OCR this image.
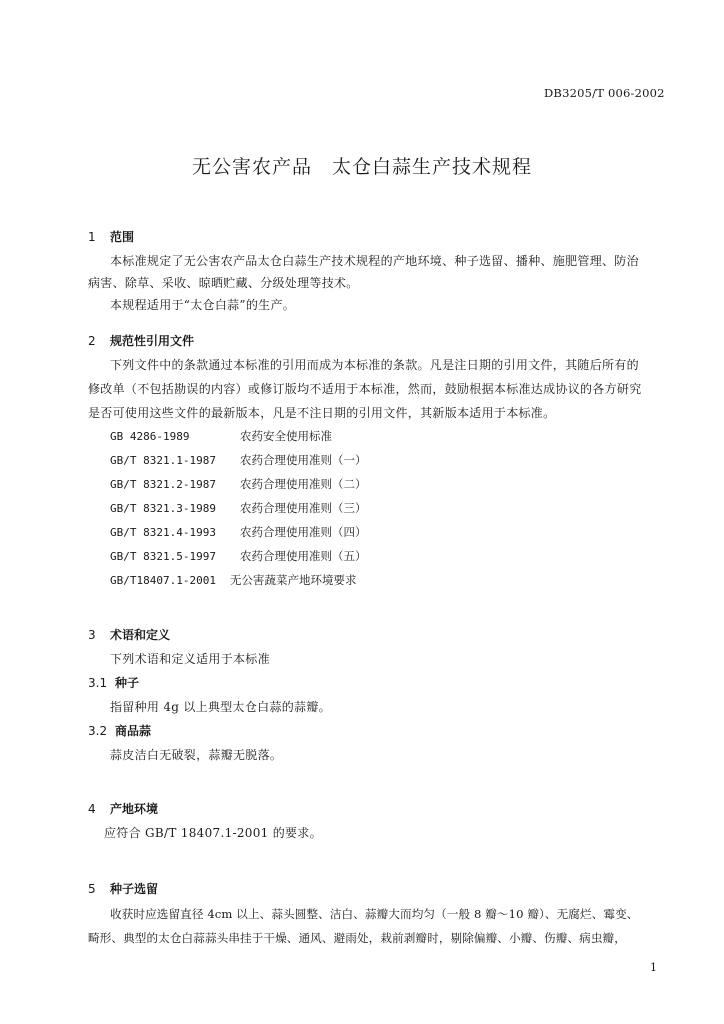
DB3205/T 006-2002
无公害农产品 太仓白蒜生产技术规程
1 范围
本标准规定了无公害农产品太仓白蒜生产技术规程的产地环境、种子选留、播种、施肥管理、防治
病害、除草、采收、晾晒贮藏、分级处理等技术。
本规程适用于“太仓白蒜”的生产。
2 规范性引用文件
下列文件中的条款通过本标准的引用而成为本标准的条款。凡是注日期的引用文件，其随后所有的
修改单（不包括勘误的内容）或修订版均不适用于本标准，然而，鼓励根据本标准达成协议的各方研究
是否可使用这些文件的最新版本，凡是不注日期的引用文件，其新版本适用于本标准。
GB 4286-1989	农药安全使用标准
GB/T 8321.1-1987 农药合理使用准则（一）
GB/T 8321.2-1987 农药合理使用准则（二）
GB/T 8321.3-1989 农药合理使用准则（三）
GB/T 8321.4-1993 农药合理使用准则（四）
GB/T 8321.5-1997 农药合理使用准则（五）
GB/T18407.1-2001 无公害蔬菜产地环境要求
3 术语和定义
下列术语和定义适用于本标准
3.1 种子
指留种用 4g 以上典型太仓白蒜的蒜瓣。
3.2 商品蒜
蒜皮洁白无破裂，蒜瓣无脱落。
4 产地环境
应符合 GB/T 18407.1-2001 的要求。
5 种子选留
收获时应选留直径 4cm 以上、蒜头圆整、洁白、蒜瓣大而均匀（一般 8 瓣～10 瓣）、无腐烂、霉变、
畸形、典型的太仓白蒜蒜头串挂于干燥、通风、避雨处，栽前剥瓣时，剔除偏瓣、小瓣、伤瓣、病虫瓣，
1
